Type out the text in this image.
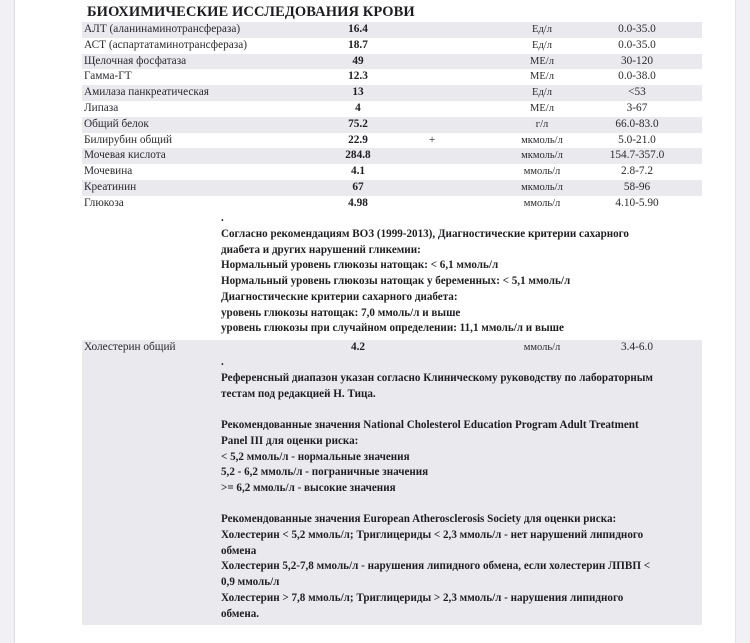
БИОХИМИЧЕСКИЕ ИССЛЕДОВАНИЯ КРОВИ
АЛТ (аланинаминотрансфераза)	16.4	Ед/л	0.0-35.0
АСТ (аспартатаминотрансфераза)	18.7	Ед/л	0.0-35.0
Щелочная фосфатаза	49	МЕ/л	30-120
Гамма-ГТ	12.3	МЕ/л	0.0-38.0
Амилаза панкреатическая	13	Ед/л	<53
Липаза	4	МЕ/л	3-67
Общий белок	75.2	г/л	66.0-83.0
Билирубин общий	22.9	+	мкмоль/л	5.0-21.0
Мочевая кислота	284.8	мкмоль/л	154.7-357.0
Мочевина	4.1	ммоль/л	2.8-7.2
Креатинин	67	мкмоль/л	58-96
Глюкоза	4.98	ммоль/л	4.10-5.90
.

Согласно рекомендациям ВОЗ (1999-2013), Диагностические критерии сахарного

диабета и других нарушений гликемии:

Нормальный уровень глюкозы натощак: < 6,1 ммоль/л

Нормальный уровень глюкозы натощак у беременных: < 5,1 ммоль/л

Диагностические критерии сахарного диабета:

уровень глюкозы натощак: 7,0 ммоль/л и выше

уровень глюкозы при случайном определении: 11,1 ммоль/л и выше

Холестерин общий	4.2	ммоль/л	3.4-6.0
.

Референсный диапазон указан согласно Клиническому руководству по лабораторным

тестам под редакцией Н. Тица.

Рекомендованные значения National Cholesterol Education Program Adult Treatment

Panel III для оценки риска:

< 5,2 ммоль/л - нормальные значения

5,2 - 6,2 ммоль/л - пограничные значения

>= 6,2 ммоль/л - высокие значения

Рекомендованные значения European Atherosclerosis Society для оценки риска:

Холестерин < 5,2 ммоль/л; Триглицериды < 2,3 ммоль/л - нет нарушений липидного

обмена

Холестерин 5,2-7,8 ммоль/л - нарушения липидного обмена, если холестерин ЛПВП <

0,9 ммоль/л

Холестерин > 7,8 ммоль/л; Триглицериды > 2,3 ммоль/л - нарушения липидного

обмена.
